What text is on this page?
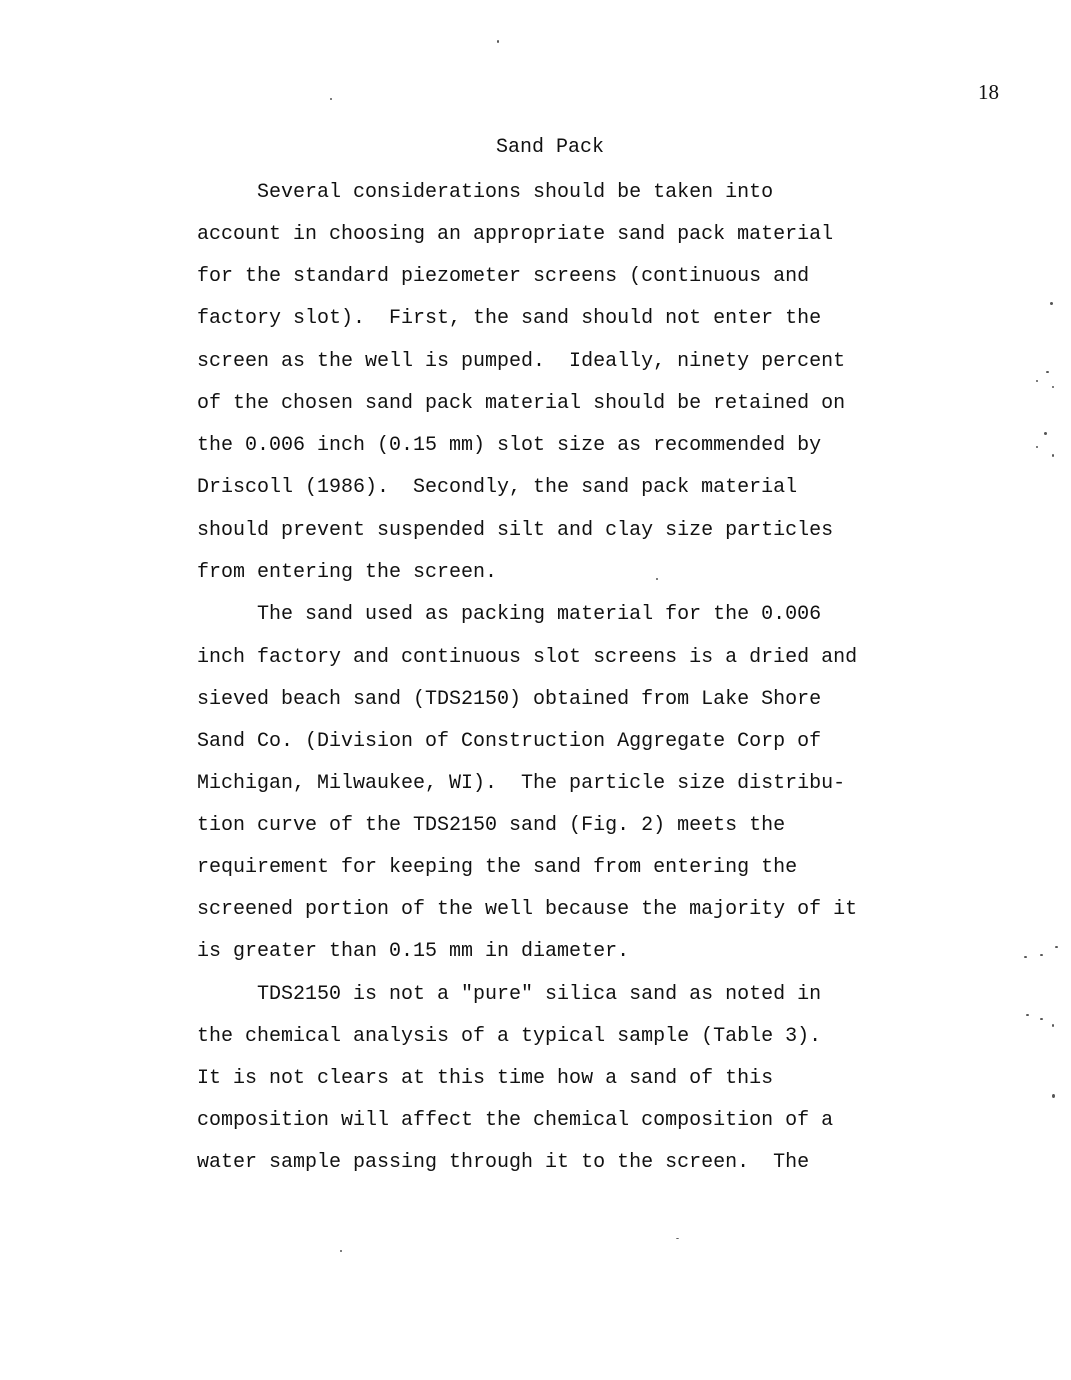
18
Sand Pack
Several considerations should be taken into
account in choosing an appropriate sand pack material
for the standard piezometer screens (continuous and
factory slot).  First, the sand should not enter the
screen as the well is pumped.  Ideally, ninety percent
of the chosen sand pack material should be retained on
the 0.006 inch (0.15 mm) slot size as recommended by
Driscoll (1986).  Secondly, the sand pack material
should prevent suspended silt and clay size particles
from entering the screen.
The sand used as packing material for the 0.006
inch factory and continuous slot screens is a dried and
sieved beach sand (TDS2150) obtained from Lake Shore
Sand Co. (Division of Construction Aggregate Corp of
Michigan, Milwaukee, WI).  The particle size distribu-
tion curve of the TDS2150 sand (Fig. 2) meets the
requirement for keeping the sand from entering the
screened portion of the well because the majority of it
is greater than 0.15 mm in diameter.
TDS2150 is not a "pure" silica sand as noted in
the chemical analysis of a typical sample (Table 3).
It is not clears at this time how a sand of this
composition will affect the chemical composition of a
water sample passing through it to the screen.  The
